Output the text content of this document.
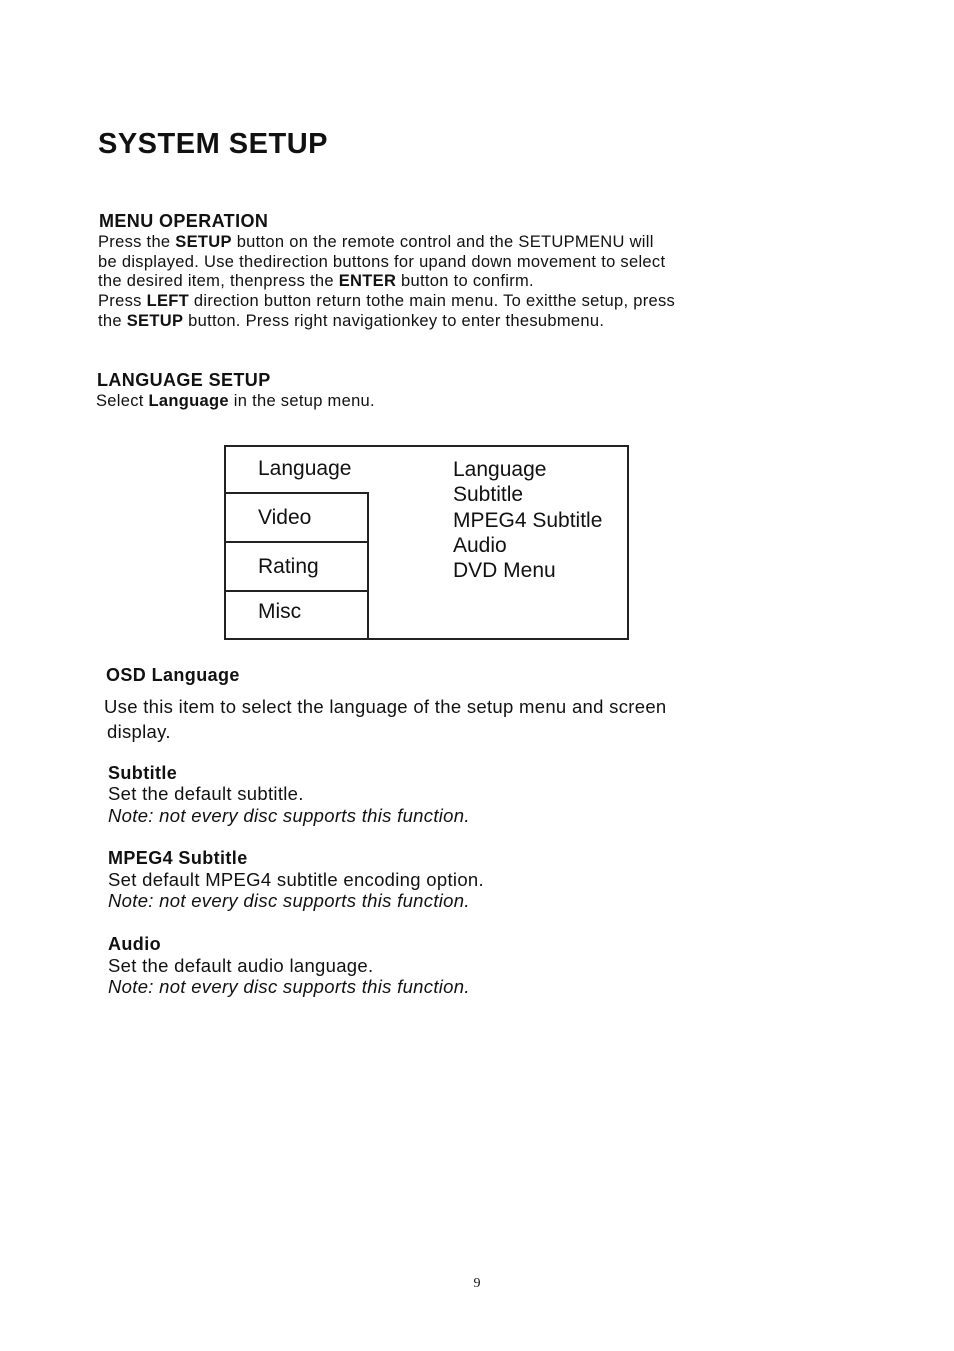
SYSTEM SETUP
MENU OPERATION
Press the SETUP button on the remote control and the SETUPMENU will
be displayed. Use thedirection buttons for upand down movement to select
the desired item, thenpress the ENTER button to confirm.
Press LEFT direction button return tothe main menu. To exitthe setup, press
the SETUP button. Press right navigationkey to enter thesubmenu.
LANGUAGE SETUP
Select Language in the setup menu.
Language
Video
Rating
Misc
Language
Subtitle
MPEG4 Subtitle
Audio
DVD Menu
OSD Language
Use this item to select the language of the setup menu and screen
display.
Subtitle
Set the default subtitle.
Note: not every disc supports this function.
MPEG4 Subtitle
Set default MPEG4 subtitle encoding option.
Note: not every disc supports this function.
Audio
Set the default audio language.
Note: not every disc supports this function.
9
